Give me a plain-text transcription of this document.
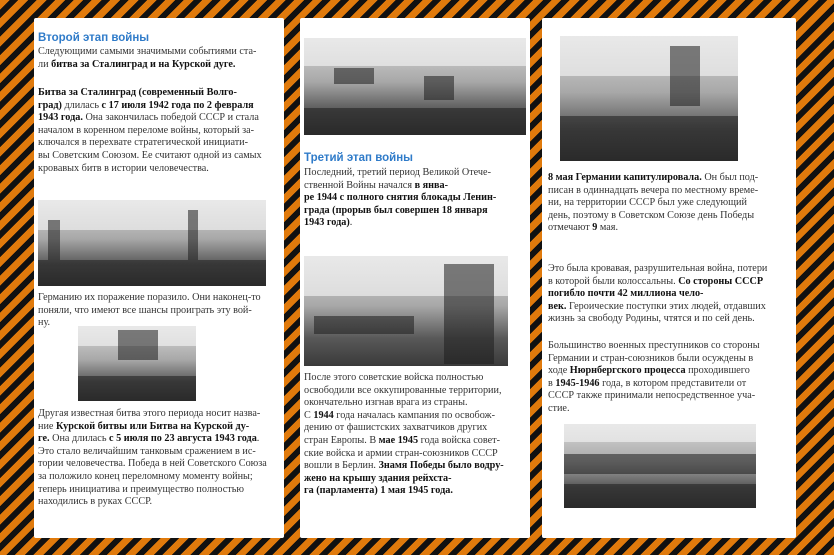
Второй этап войны
Следующими самыми значимыми событиями ста-
ли битва за Сталинград и на Курской дуге.
Битва за Сталинград (современный Волго-
град) длилась с 17 июля 1942 года по 2 февраля
1943 года. Она закончилась победой СССР и стала
началом в коренном переломе войны, который за-
ключался в перехвате стратегической инициати-
вы Советским Союзом. Ее считают одной из самых
кровавых битв в истории человечества.
Германию их поражение поразило. Они наконец-то
поняли, что имеют все шансы проиграть эту вой-
ну.
Другая известная битва этого периода носит назва-
ние Курской битвы или Битва на Курской ду-
ге. Она длилась с 5 июля по 23 августа 1943 года.
Это стало величайшим танковым сражением в ис-
тории человечества. Победа в ней Советского Союза
за положило конец переломному моменту войны;
теперь инициатива и преимущество полностью
находились в руках СССР.
Третий этап войны
Последний, третий период Великой Отече-
ственной Войны начался в янва-
ре 1944 с полного снятия блокады Ленин-
града (прорыв был совершен 18 января
1943 года).
После этого советские войска полностью
освободили все оккупированные территории,
окончательно изгнав врага из страны.
С 1944 года началась кампания по освобож-
дению от фашистских захватчиков других
стран Европы. В мае 1945 года войска совет-
ские войска и армии стран-союзников СССР
вошли в Берлин. Знамя Победы было водру-
жено на крышу здания рейхста-
га (парламента) 1 мая 1945 года.
8 мая Германии капитулировала. Он был под-
писан в одиннадцать вечера по местному време-
ни, на территории СССР был уже следующий
день, поэтому в Советском Союзе день Победы
отмечают 9 мая.
Это была кровавая, разрушительная война, потери
в которой были колоссальны. Со стороны СССР
погибло почти 42 миллиона чело-
век. Героические поступки этих людей, отдавших
жизнь за свободу Родины, чтятся и по сей день.
Большинство военных преступников со стороны
Германии и стран-союзников были осуждены в
ходе Нюрнбергского процесса проходившего
в 1945-1946 года, в котором представители от
СССР также принимали непосредственное уча-
стие.
